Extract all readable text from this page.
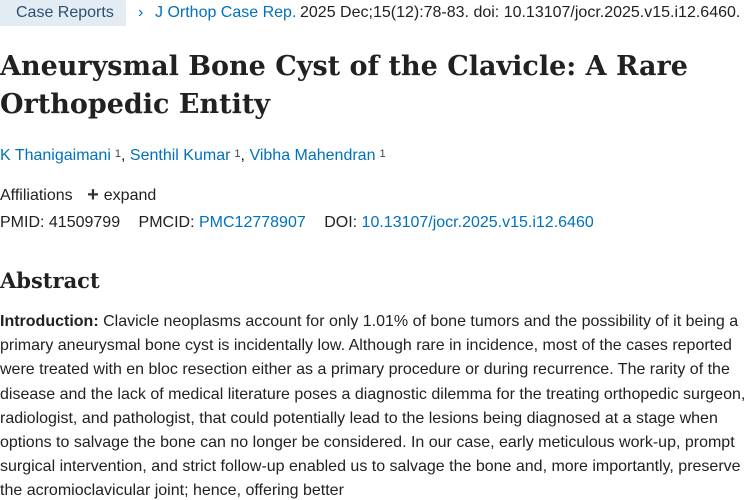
Case Reports	› J Orthop Case Rep. 2025 Dec;15(12):78-83. doi: 10.13107/jocr.2025.v15.i12.6460.
Aneurysmal Bone Cyst of the Clavicle: A Rare Orthopedic Entity
K Thanigaimani $^1$, Senthil Kumar $^1$, Vibha Mahendran $^1$
Affiliations + expand
PMID: 41509799 PMCID: PMC12778907 DOI: 10.13107/jocr.2025.v15.i12.6460
Abstract

Introduction: Clavicle neoplasms account for only 1.01% of bone tumors and the possibility of it being a primary aneurysmal bone cyst is incidentally low. Although rare in incidence, most of the cases reported were treated with en bloc resection either as a primary procedure or during recurrence. The rarity of the disease and the lack of medical literature poses a diagnostic dilemma for the treating orthopedic surgeon, radiologist, and pathologist, that could potentially lead to the lesions being diagnosed at a stage when options to salvage the bone can no longer be considered. In our case, early meticulous work-up, prompt surgical intervention, and strict follow-up enabled us to salvage the bone and, more importantly, preserve the acromioclavicular joint; hence, offering better
